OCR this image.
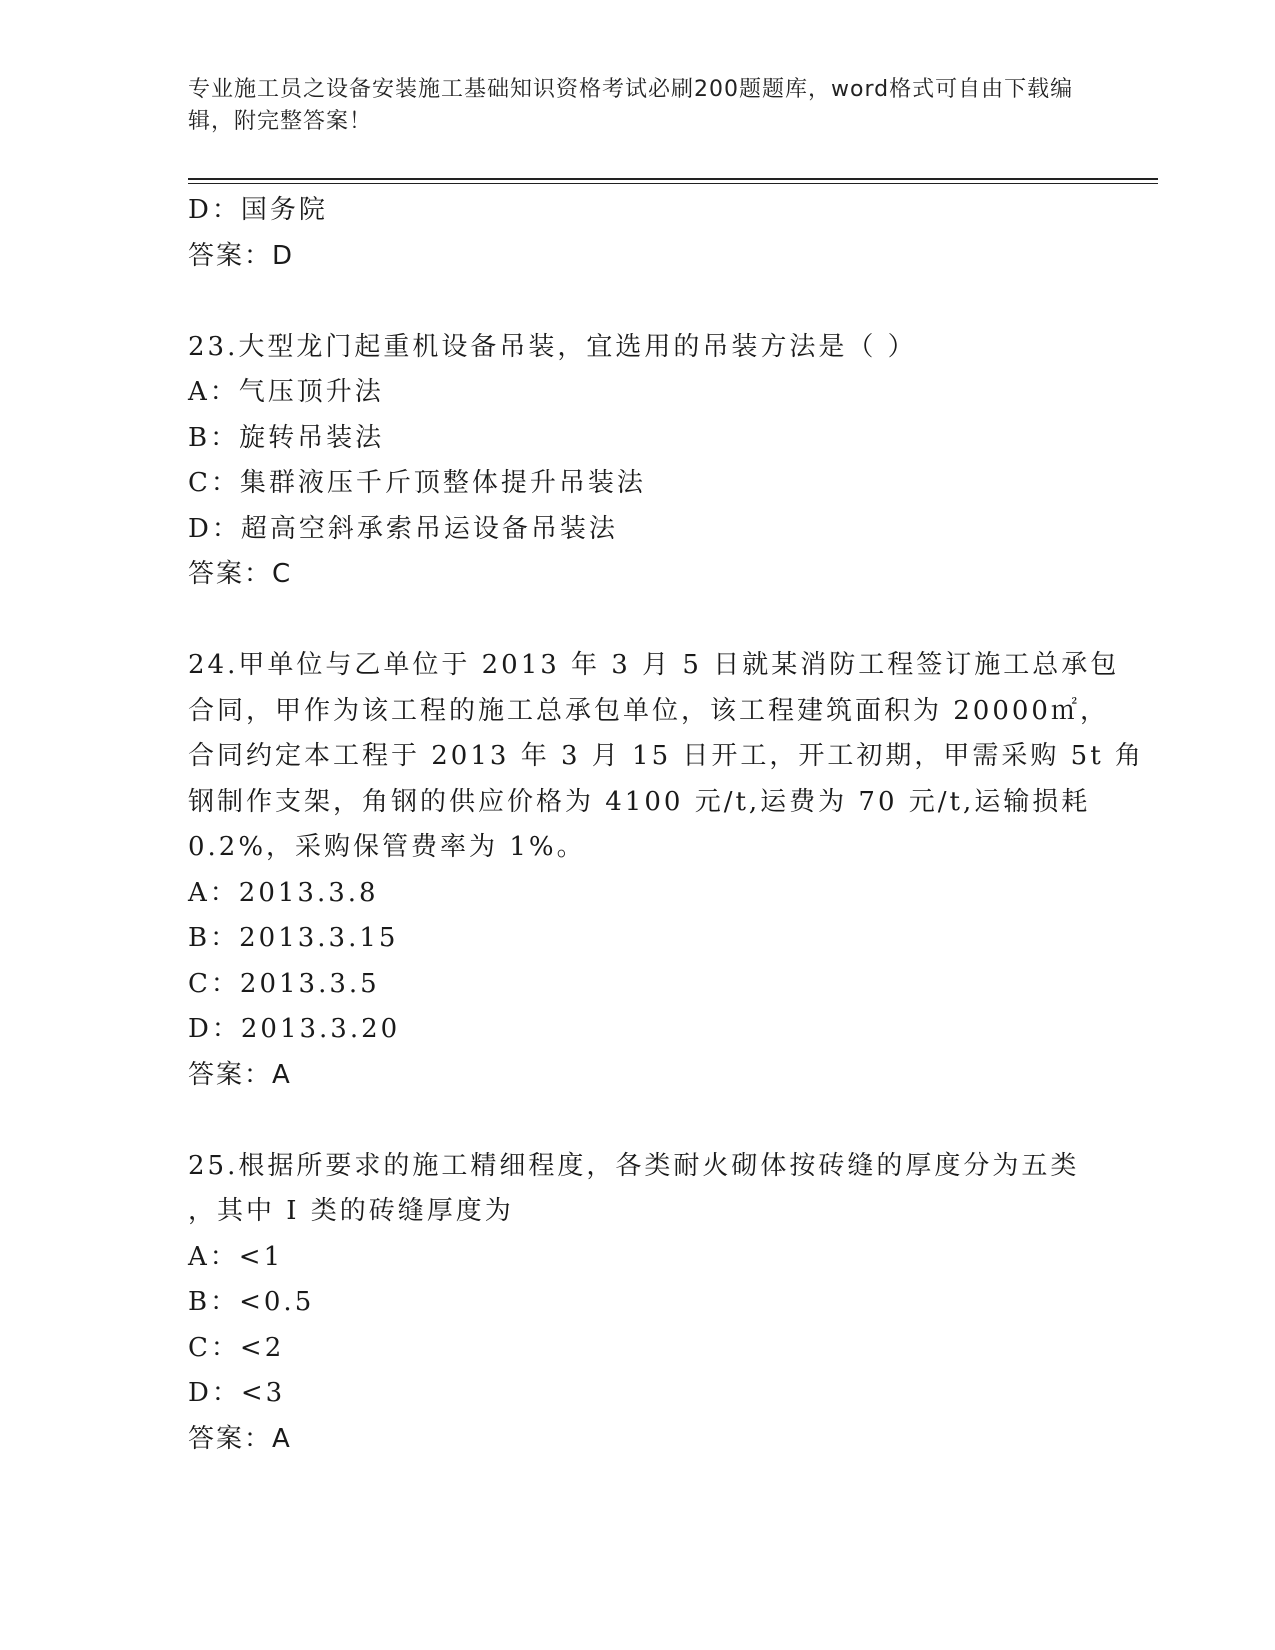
专业施工员之设备安装施工基础知识资格考试必刷200题题库，word格式可自由下载编辑，附完整答案！
D：国务院
答案：D
23.大型龙门起重机设备吊装，宜选用的吊装方法是（ ）
A：气压顶升法
B：旋转吊装法
C：集群液压千斤顶整体提升吊装法
D：超高空斜承索吊运设备吊装法
答案：C
24.甲单位与乙单位于 2013 年 3 月 5 日就某消防工程签订施工总承包
合同，甲作为该工程的施工总承包单位，该工程建筑面积为 20000㎡，
合同约定本工程于 2013 年 3 月 15 日开工，开工初期，甲需采购 5t 角
钢制作支架，角钢的供应价格为 4100 元/t,运费为 70 元/t,运输损耗
0.2%，采购保管费率为 1%。
A：2013.3.8
B：2013.3.15
C：2013.3.5
D：2013.3.20
答案：A
25.根据所要求的施工精细程度，各类耐火砌体按砖缝的厚度分为五类
，其中 I 类的砖缝厚度为
A：<1
B：<0.5
C：<2
D：<3
答案：A
